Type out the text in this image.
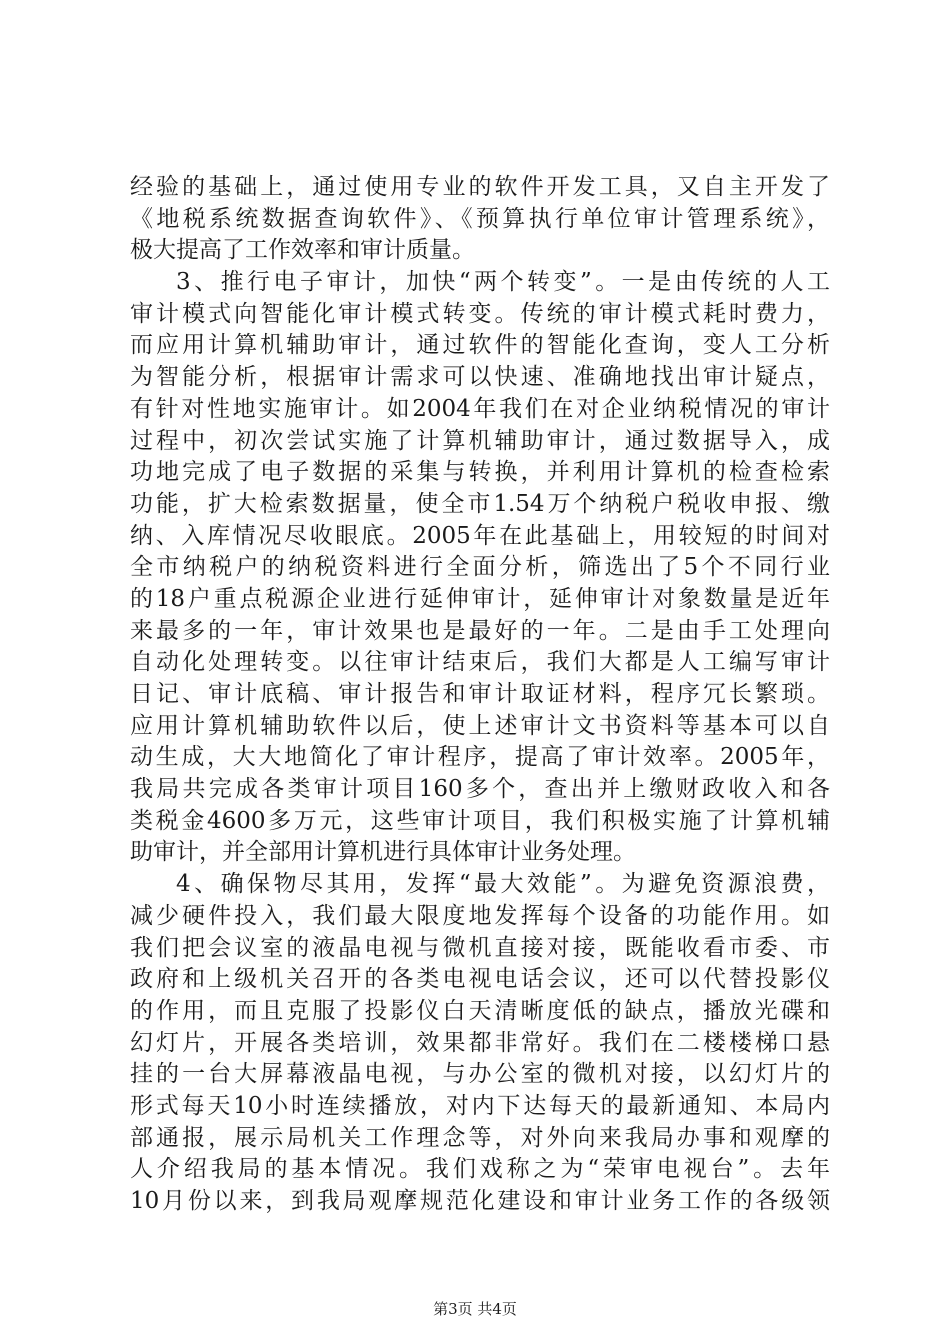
经验的基础上，通过使用专业的软件开发工具，又自主开发了
《地税系统数据查询软件》、《预算执行单位审计管理系统》，
极大提高了工作效率和审计质量。
3、推行电子审计，加快“两个转变”。一是由传统的人工
审计模式向智能化审计模式转变。传统的审计模式耗时费力，
而应用计算机辅助审计，通过软件的智能化查询，变人工分析
为智能分析，根据审计需求可以快速、准确地找出审计疑点，
有针对性地实施审计。如2004年我们在对企业纳税情况的审计
过程中，初次尝试实施了计算机辅助审计，通过数据导入，成
功地完成了电子数据的采集与转换，并利用计算机的检查检索
功能，扩大检索数据量，使全市1.54万个纳税户税收申报、缴
纳、入库情况尽收眼底。2005年在此基础上，用较短的时间对
全市纳税户的纳税资料进行全面分析，筛选出了5个不同行业
的18户重点税源企业进行延伸审计，延伸审计对象数量是近年
来最多的一年，审计效果也是最好的一年。二是由手工处理向
自动化处理转变。以往审计结束后，我们大都是人工编写审计
日记、审计底稿、审计报告和审计取证材料，程序冗长繁琐。
应用计算机辅助软件以后，使上述审计文书资料等基本可以自
动生成，大大地简化了审计程序，提高了审计效率。2005年，
我局共完成各类审计项目160多个，查出并上缴财政收入和各
类税金4600多万元，这些审计项目，我们积极实施了计算机辅
助审计，并全部用计算机进行具体审计业务处理。
4、确保物尽其用，发挥“最大效能”。为避免资源浪费，
减少硬件投入，我们最大限度地发挥每个设备的功能作用。如
我们把会议室的液晶电视与微机直接对接，既能收看市委、市
政府和上级机关召开的各类电视电话会议，还可以代替投影仪
的作用，而且克服了投影仪白天清晰度低的缺点，播放光碟和
幻灯片，开展各类培训，效果都非常好。我们在二楼楼梯口悬
挂的一台大屏幕液晶电视，与办公室的微机对接，以幻灯片的
形式每天10小时连续播放，对内下达每天的最新通知、本局内
部通报，展示局机关工作理念等，对外向来我局办事和观摩的
人介绍我局的基本情况。我们戏称之为“荣审电视台”。去年
10月份以来，到我局观摩规范化建设和审计业务工作的各级领
第3页 共4页
